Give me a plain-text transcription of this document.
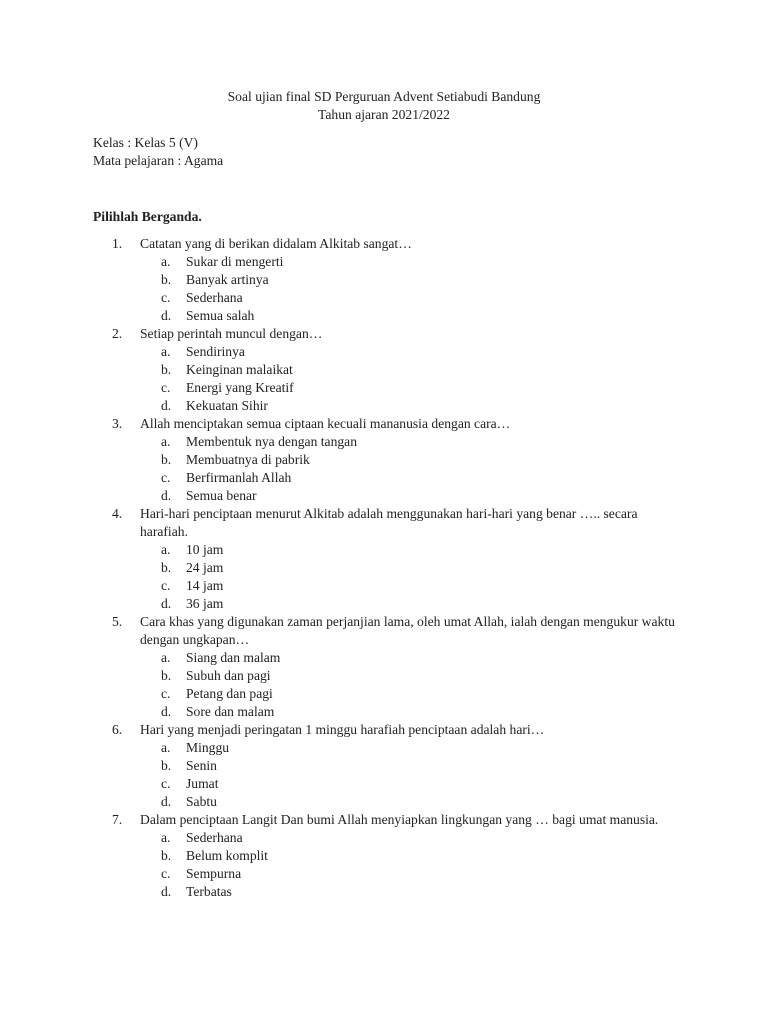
Soal ujian final SD Perguruan Advent Setiabudi Bandung
Tahun ajaran 2021/2022
Kelas : Kelas 5 (V)
Mata pelajaran : Agama
Pilihlah Berganda.
1.	Catatan yang di berikan didalam Alkitab sangat…
a. Sukar di mengerti
b. Banyak artinya
c. Sederhana
d. Semua salah
2.	Setiap perintah muncul dengan…
a. Sendirinya
b. Keinginan malaikat
c. Energi yang Kreatif
d. Kekuatan Sihir
3.	Allah menciptakan semua ciptaan kecuali mananusia dengan cara…
a. Membentuk nya dengan tangan
b. Membuatnya di pabrik
c. Berfirmanlah Allah
d. Semua benar
4.	Hari-hari penciptaan menurut Alkitab adalah menggunakan hari-hari yang benar ….. secara harafiah.
a. 10 jam
b. 24 jam
c. 14 jam
d. 36 jam
5.	Cara khas yang digunakan zaman perjanjian lama, oleh umat Allah, ialah dengan mengukur waktu dengan ungkapan…
a. Siang dan malam
b. Subuh dan pagi
c. Petang dan pagi
d. Sore dan malam
6.	Hari yang menjadi peringatan 1 minggu harafiah penciptaan adalah hari…
a. Minggu
b. Senin
c. Jumat
d. Sabtu
7.	Dalam penciptaan Langit Dan bumi Allah menyiapkan lingkungan yang … bagi umat manusia.
a. Sederhana
b. Belum komplit
c. Sempurna
d. Terbatas
